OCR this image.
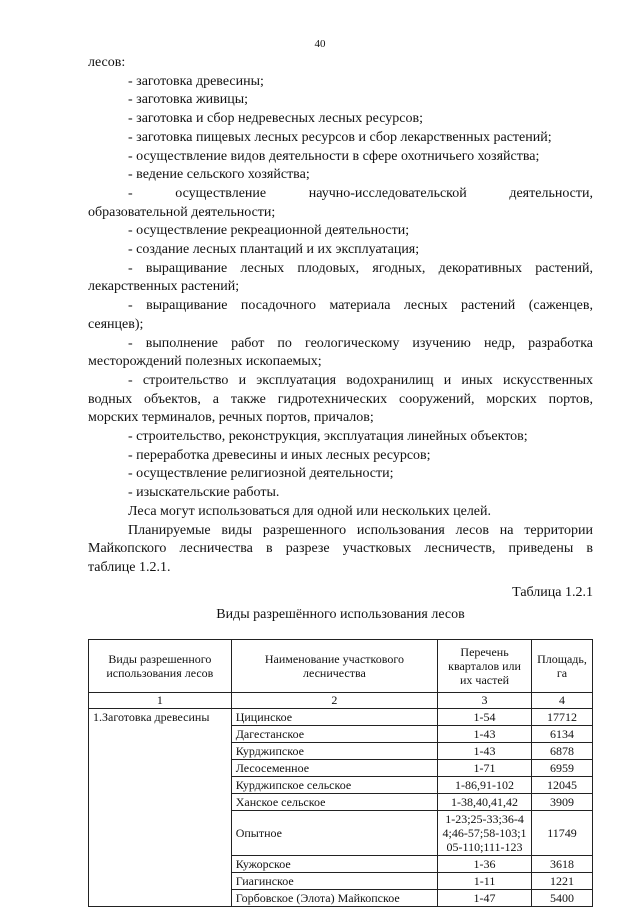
40

лесов:

- заготовка древесины;

- заготовка живицы;

- заготовка и сбор недревесных лесных ресурсов;

- заготовка пищевых лесных ресурсов и сбор лекарственных растений;

- осуществление видов деятельности в сфере охотничьего хозяйства;

- ведение сельского хозяйства;

- осуществление научно-исследовательской деятельности,

образовательной деятельности;

- осуществление рекреационной деятельности;

- создание лесных плантаций и их эксплуатация;

- выращивание лесных плодовых, ягодных, декоративных растений,

лекарственных растений;

- выращивание посадочного материала лесных растений (саженцев,

сеянцев);

- выполнение работ по геологическому изучению недр, разработка

месторождений полезных ископаемых;

- строительство и эксплуатация водохранилищ и иных искусственных

водных объектов, а также гидротехнических сооружений, морских портов,

морских терминалов, речных портов, причалов;

- строительство, реконструкция, эксплуатация линейных объектов;

- переработка древесины и иных лесных ресурсов;

- осуществление религиозной деятельности;

- изыскательские работы.

Леса могут использоваться для одной или нескольких целей.

Планируемые виды разрешенного использования лесов на территории

Майкопского лесничества в разрезе участковых лесничеств, приведены в

таблице 1.2.1.

Таблица 1.2.1

Виды разрешённого использования лесов

Виды разрешенного использования лесов	Наименование участкового лесничества	Перечень кварталов или их частей	Площадь, га
1	2	3	4
1.Заготовка древесины	Цицинское	1-54	17712
	Дагестанское	1-43	6134
	Курджипское	1-43	6878
	Лесосеменное	1-71	6959
	Курджипское сельское	1-86,91-102	12045
	Ханское сельское	1-38,40,41,42	3909
	Опытное	1-23;25-33;36-44;46-57;58-103;105-110;111-123	11749
	Кужорское	1-36	3618
	Гиагинское	1-11	1221
	Горбовское (Элота) Майкопское	1-47	5400
